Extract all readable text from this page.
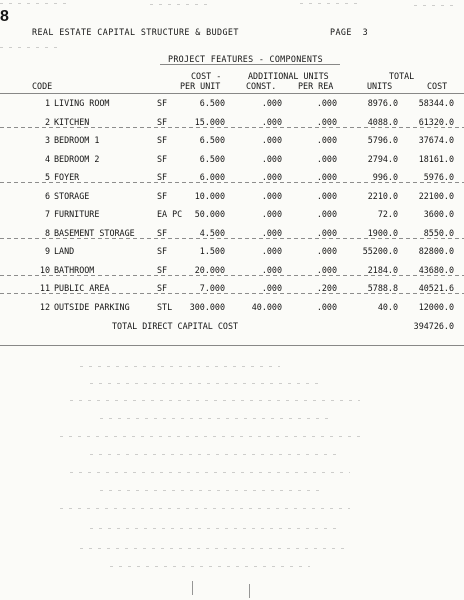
8
REAL ESTATE CAPITAL STRUCTURE & BUDGET	PAGE 3
PROJECT FEATURES - COMPONENTS
COST -	ADDITIONAL UNITS	TOTAL
CODE	PER UNIT	CONST.	PER REA	UNITS	COST
1 LIVING ROOM	SF	6.500	.000	.000	8976.0 58344.0
2 KITCHEN	SF	15.000	.000	.000	4088.0 61320.0
3 BEDROOM 1	SF	6.500	.000	.000	5796.0 37674.0
4 BEDROOM 2	SF	6.500	.000	.000	2794.0 18161.0
5 FOYER	SF	6.000	.000	.000	996.0	5976.0
6 STORAGE	SF	10.000	.000	.000	2210.0 22100.0
7 FURNITURE	EA PC 50.000	.000	.000	72.0	3600.0
8 BASEMENT STORAGE	SF	4.500	.000	.000	1900.0	8550.0
9 LAND	SF	1.500	.000	.000	55200.0 82800.0
10 BATHROOM	SF	20.000	.000	.000	2184.0 43680.0
11 PUBLIC AREA	SF	7.000	.000	.200	5788.8 40521.6
12 OUTSIDE PARKING	STL 300.000	40.000	.000	40.0 12000.0
TOTAL DIRECT CAPITAL COST	394726.0
